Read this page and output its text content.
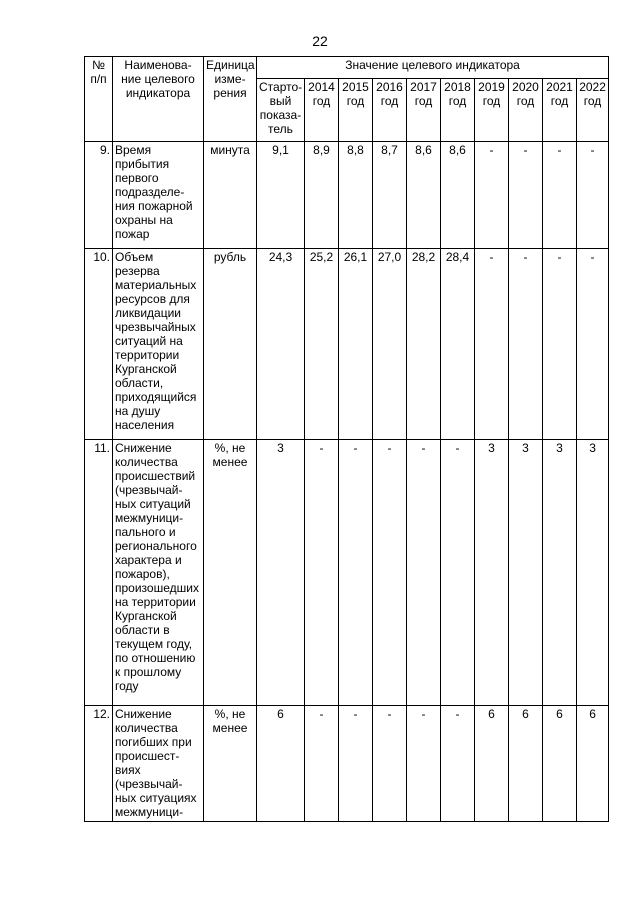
22
№ п/п	Наименова-ние целевого индикатора	Единица изме-рения	Значение целевого индикатора									
			Старто-вый показа-тель	2014 год	2015 год	2016 год	2017 год	2018 год	2019 год	2020 год	2021 год	2022 год
9.	Время прибытия первого подразделе-ния пожарной охраны на пожар	минута	9,1	8,9	8,8	8,7	8,6	8,6	-	-	-	-
10.	Объем резерва материальных ресурсов для ликвидации чрезвычайных ситуаций на территории Курганской области, приходящийся на душу населения	рубль	24,3	25,2	26,1	27,0	28,2	28,4	-	-	-	-
11.	Снижение количества происшествий (чрезвычай-ных ситуаций межмуници-пального и регионального характера и пожаров), произошедших на территории Курганской области в текущем году, по отношению к прошлому году	%, не менее	3	-	-	-	-	-	3	3	3	3
12.	Снижение количества погибших при происшест-виях (чрезвычай-ных ситуациях межмуници-	%, не менее	6	-	-	-	-	-	6	6	6	6
